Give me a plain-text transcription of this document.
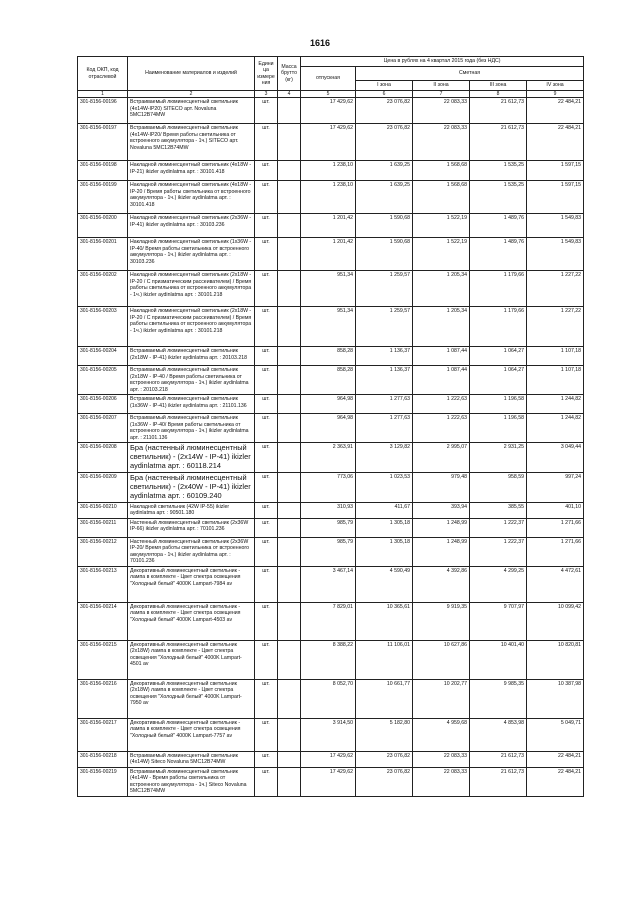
1616
Код ОКП, код отраслевой	Наименование материалов и изделий	Едини ца измере ния	Масса брутто (кг)	Цена в рублях на 4 квартал 2015 года (без НДС)				
				отпускная	Сметная			
					I зона	II зона	III зона	IV зона
1	2	3	4	5	6	7	8	9
301-8156-00196	Встраиваемый люминесцентный светильник (4x14W-IP20) SITECO арт. Novaluna 5MC12B74MW	шт.		17 429,62	23 076,82	22 083,33	21 612,73	22 484,21
301-8156-00197	Встраиваемый люминесцентный светильник (4x14W-IP20/ Время работы светильника от встроенного аккумулятора - 1ч.) SITECO арт. Novaluna 5MC12B74MW	шт.		17 429,62	23 076,82	22 083,33	21 612,73	22 484,21
301-8156-00198	Накладной люминесцентный светильник (4x18W - IP-21) ikizler aydinlatma арт. : 30101.418	шт.		1 238,10	1 639,25	1 568,68	1 535,25	1 597,15
301-8156-00199	Накладной люминесцентный светильник (4x18W - IP-20 / Время работы светильника от встроенного аккумулятора - 1ч.) ikizler aydinlatma арт. : 30101.418	шт.		1 238,10	1 639,25	1 568,68	1 535,25	1 597,15
301-8156-00200	Накладной люминесцентный светильник (2x36W - IP-41) ikizler aydinlatma арт. : 30103.236	шт.		1 201,42	1 590,68	1 522,19	1 489,76	1 549,83
301-8156-00201	Накладной люминесцентный светильник (1x36W - IP-40/ Время работы светильника от встроенного аккумулятора - 1ч.) ikizler aydinlatma арт. : 30103.236	шт.		1 201,42	1 590,68	1 522,19	1 489,76	1 549,83
301-8156-00202	Накладной люминесцентный светильник (2x18W - IP-20 / С призматическим рассеивателем) / Время работы светильника от встроенного аккумулятора - 1ч.) ikizler aydinlatma арт. : 30101.218	шт.		951,34	1 259,57	1 205,34	1 179,66	1 227,22
301-8156-00203	Накладной люминесцентный светильник (2x18W - IP-20 / С призматическим рассеивателем) / Время работы светильника от встроенного аккумулятора - 1ч.) ikizler aydinlatma арт. : 30101.218	шт.		951,34	1 259,57	1 205,34	1 179,66	1 227,22
301-8156-00204	Встраиваемый люминесцентный светильник (2x18W - IP-41) ikizler aydinlatma арт. : 20103.218	шт.		858,28	1 136,37	1 087,44	1 064,27	1 107,18
301-8156-00205	Встраиваемый люминесцентный светильник (2x18W - IP-40 / Время работы светильника от встроенного аккумулятора - 1ч.) ikizler aydinlatma арт. : 20103.218	шт.		858,28	1 136,37	1 087,44	1 064,27	1 107,18
301-8156-00206	Встраиваемый люминесцентный светильник (1x36W - IP-41) ikizler aydinlatma арт. : 21101.136	шт.		964,98	1 277,63	1 222,63	1 196,58	1 244,82
301-8156-00207	Встраиваемый люминесцентный светильник (1x36W - IP-40/ Время работы светильника от встроенного аккумулятора - 1ч.) ikizler aydinlatma арт. : 21101.136	шт.		964,98	1 277,63	1 222,63	1 196,58	1 244,82
301-8156-00208	Бра (настенный люминесцентный светильник) - (2x14W - IP-41) ikizler aydinlatma арт. : 60118.214	шт.		2 363,91	3 129,82	2 995,07	2 931,25	3 049,44
301-8156-00209	Бра (настенный люминесцентный светильник) - (2x40W - IP-41) ikizler aydinlatma арт. : 60109.240	шт.		773,06	1 023,53	979,48	958,59	997,24
301-8156-00210	Накладной светильник (42W IP-55) ikizler aydinlatma арт. : 90501.180	шт.		310,93	411,67	393,94	385,55	401,10
301-8156-00211	Настенный люминесцентный светильник (2x36W IP-66) ikizler aydinlatma арт. : 70101.236	шт.		985,79	1 305,18	1 248,99	1 222,37	1 271,66
301-8156-00212	Настенный люминесцентный светильник (2x36W IP-20/ Время работы светильника от встроенного аккумулятора - 1ч.) ikizler aydinlatma арт. : 70101.236	шт.		985,79	1 305,18	1 248,99	1 222,37	1 271,66
301-8156-00213	Декоративный люминесцентный светильник - лампа в комплекте - Цвет спектра освещения "Холодный белый" 4000K Lampart-7984 av	шт.		3 467,14	4 590,49	4 392,86	4 299,25	4 472,61
301-8156-00214	Декоративный люминесцентный светильник - лампа в комплекте - Цвет спектра освещения "Холодный белый" 4000K Lampart-4503 av	шт.		7 829,01	10 365,61	9 919,35	9 707,97	10 099,42
301-8156-00215	Декоративный люминесцентный светильник (2x18W) лампа в комплекте - Цвет спектра освещения "Холодный белый" 4000K Lampart-4501 av	шт.		8 388,22	11 106,01	10 627,86	10 401,40	10 820,81
301-8156-00216	Декоративный люминесцентный светильник (2x18W) лампа в комплекте - Цвет спектра освещения "Холодный белый" 4000K Lampart-7950 av	шт.		8 052,70	10 661,77	10 202,77	9 985,35	10 387,98
301-8156-00217	Декоративный люминесцентный светильник - лампа в комплекте - Цвет спектра освещения "Холодный белый" 4000K Lampart-7757 av	шт.		3 914,50	5 182,80	4 959,68	4 853,98	5 049,71
301-8156-00218	Встраиваемый люминесцентный светильник (4x14W) Siteco Novaluna 5MC12B74MW	шт.		17 429,62	23 076,82	22 083,33	21 612,73	22 484,21
301-8156-00219	Встраиваемый люминесцентный светильник (4x14W - Время работы светильника от встроенного аккумулятора - 1ч.) Siteco Novaluna 5MC12B74MW	шт.		17 429,62	23 076,82	22 083,33	21 612,73	22 484,21
